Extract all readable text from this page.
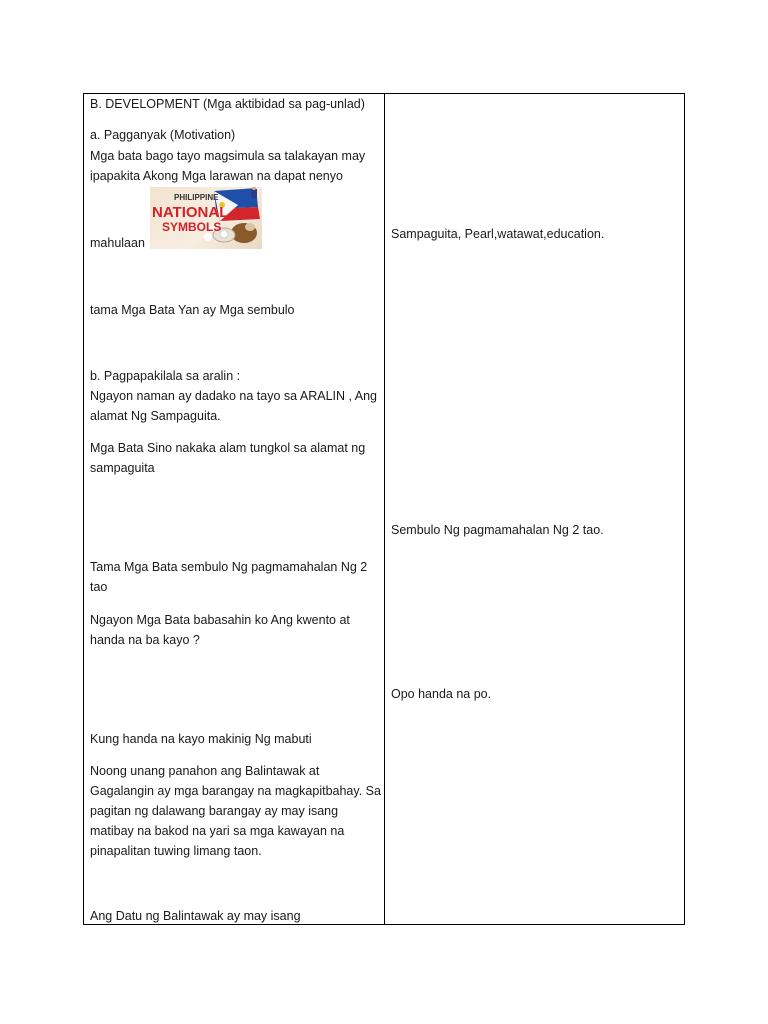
B. DEVELOPMENT (Mga aktibidad sa pag-unlad)
a. Pagganyak (Motivation)
Mga bata bago tayo magsimula sa talakayan may
ipapakita Akong Mga larawan na dapat nenyo
PHILIPPINE
NATIONAL
SYMBOLS
mahulaan
tama Mga Bata Yan ay Mga sembulo
b. Pagpapakilala sa aralin :
Ngayon naman ay dadako na tayo sa ARALIN , Ang
alamat Ng Sampaguita.
Mga Bata Sino nakaka alam tungkol sa alamat ng
sampaguita
Tama Mga Bata sembulo Ng pagmamahalan Ng 2
tao
Ngayon Mga Bata babasahin ko Ang kwento at
handa na ba kayo ?
Kung handa na kayo makinig Ng mabuti
Noong unang panahon ang Balintawak at
Gagalangin ay mga barangay na magkapitbahay. Sa
pagitan ng dalawang barangay ay may isang
matibay na bakod na yari sa mga kawayan na
pinapalitan tuwing limang taon.
Ang Datu ng Balintawak ay may isang
Sampaguita, Pearl,watawat,education.
Sembulo Ng pagmamahalan Ng 2 tao.
Opo handa na po.
